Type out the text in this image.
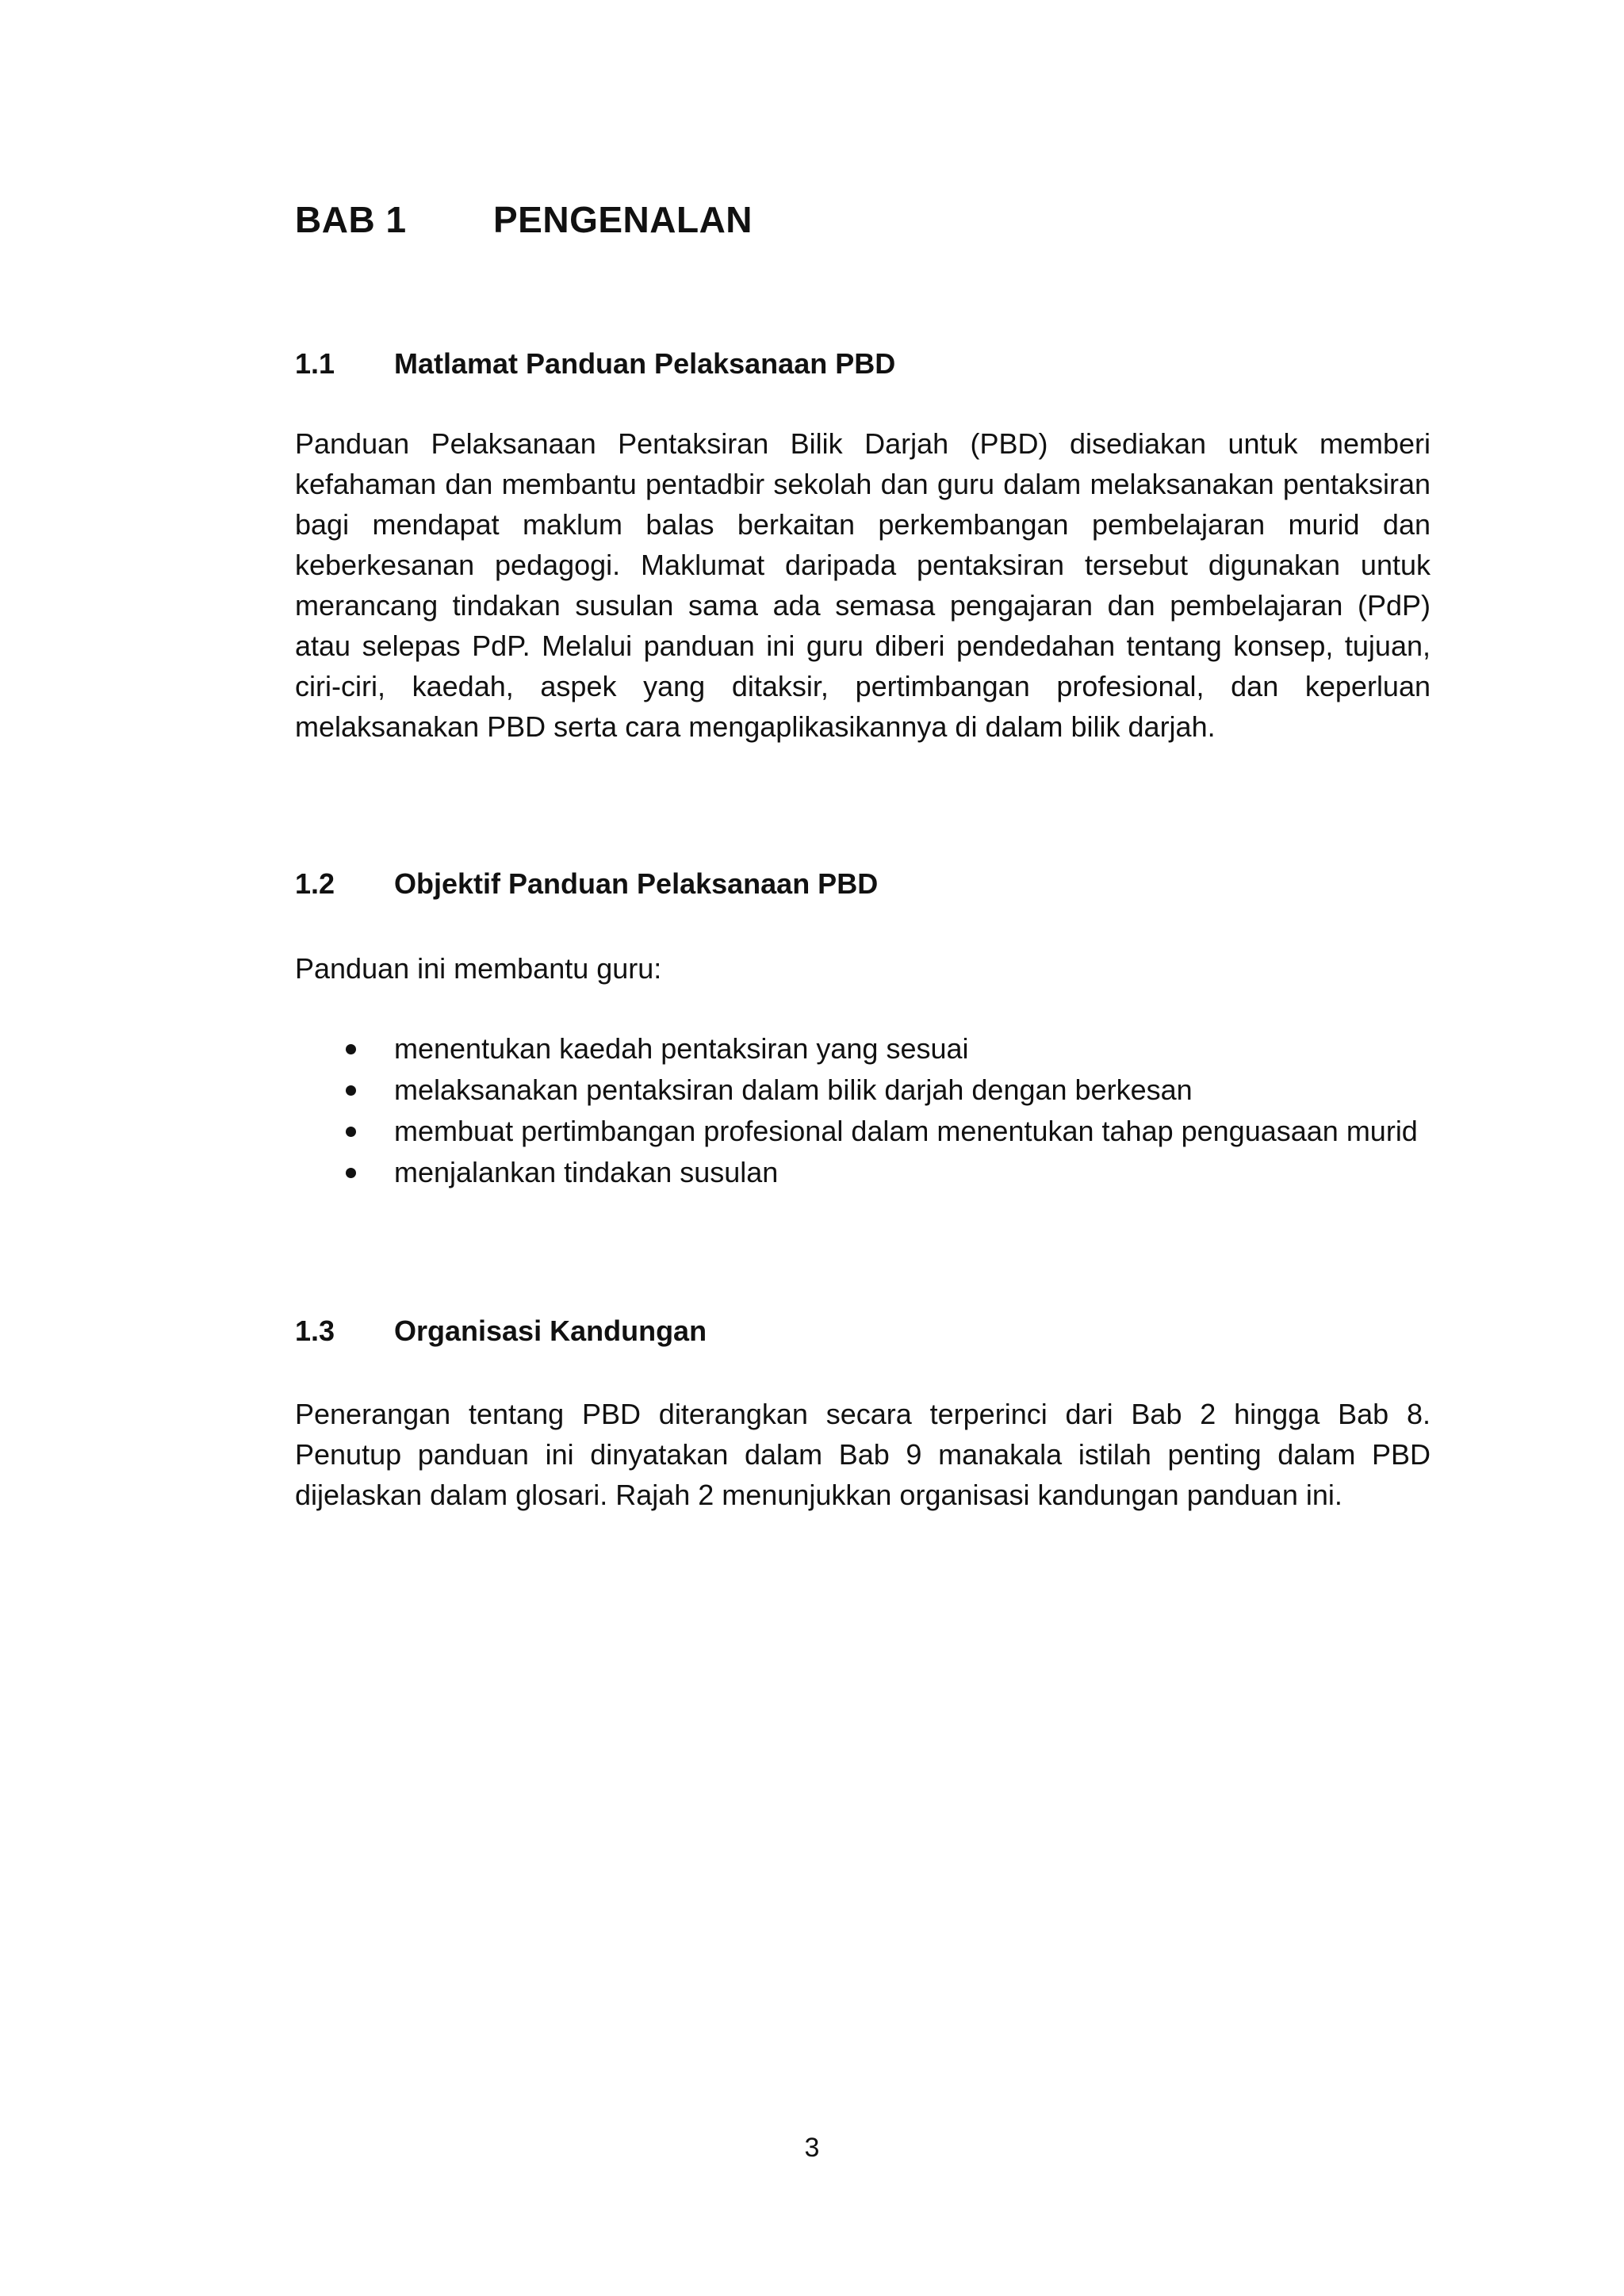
BAB 1 PENGENALAN
1.1 Matlamat Panduan Pelaksanaan PBD

Panduan Pelaksanaan Pentaksiran Bilik Darjah (PBD) disediakan untuk memberi kefahaman dan membantu pentadbir sekolah dan guru dalam melaksanakan pentaksiran bagi mendapat maklum balas berkaitan perkembangan pembelajaran murid dan keberkesanan pedagogi. Maklumat daripada pentaksiran tersebut digunakan untuk merancang tindakan susulan sama ada semasa pengajaran dan pembelajaran (PdP) atau selepas PdP. Melalui panduan ini guru diberi pendedahan tentang konsep, tujuan, ciri-ciri, kaedah, aspek yang ditaksir, pertimbangan profesional, dan keperluan melaksanakan PBD serta cara mengaplikasikannya di dalam bilik darjah.

1.2 Objektif Panduan Pelaksanaan PBD

Panduan ini membantu guru:

menentukan kaedah pentaksiran yang sesuai
melaksanakan pentaksiran dalam bilik darjah dengan berkesan
membuat pertimbangan profesional dalam menentukan tahap penguasaan murid
menjalankan tindakan susulan
1.3 Organisasi Kandungan

Penerangan tentang PBD diterangkan secara terperinci dari Bab 2 hingga Bab 8. Penutup panduan ini dinyatakan dalam Bab 9 manakala istilah penting dalam PBD dijelaskan dalam glosari. Rajah 2 menunjukkan organisasi kandungan panduan ini.

3
